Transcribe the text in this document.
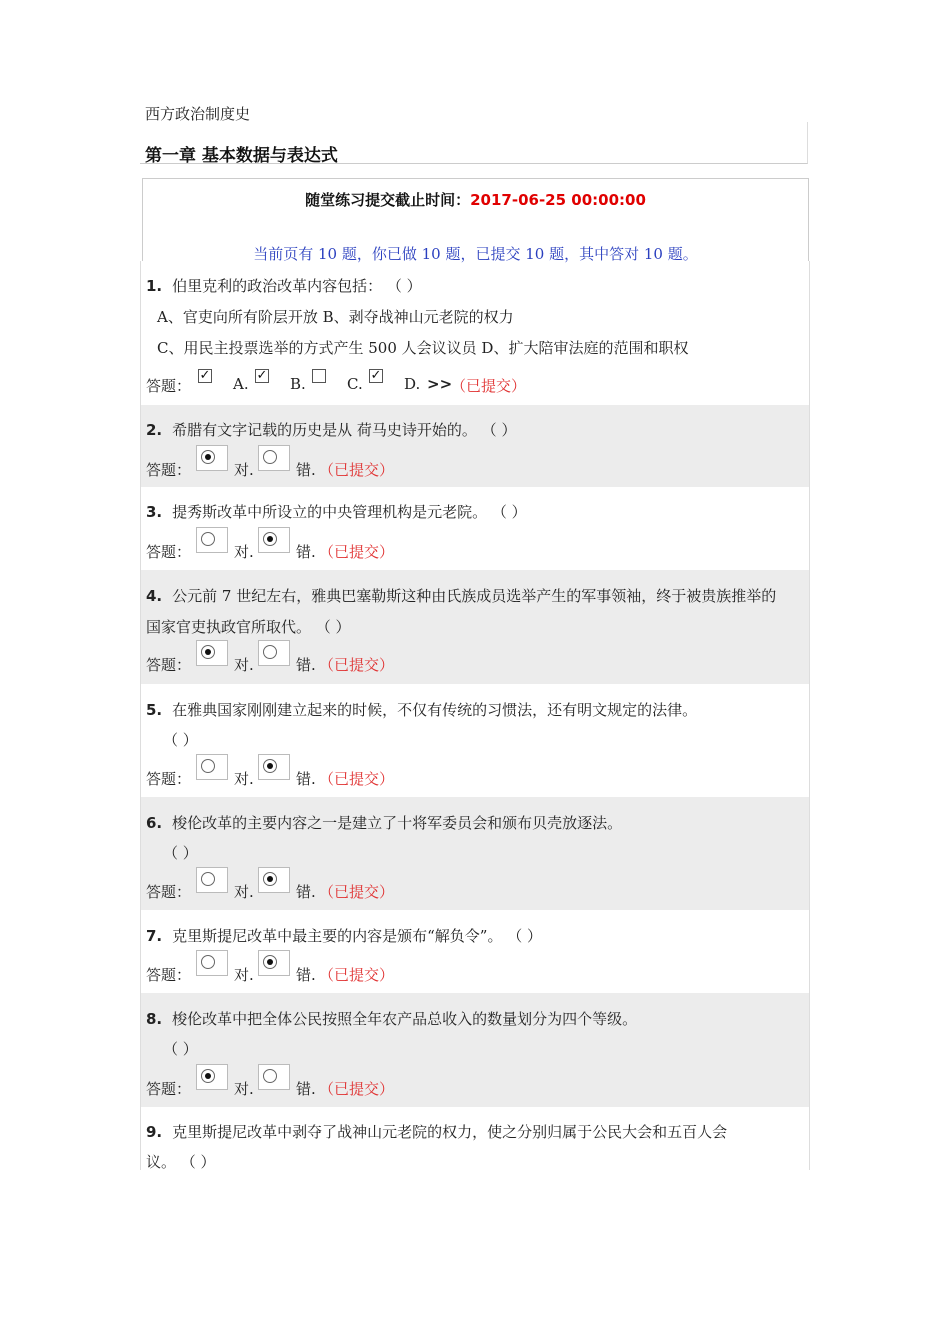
西方政治制度史
第一章 基本数据与表达式
随堂练习提交截止时间：2017-06-25 00:00:00
当前页有 10 题，你已做 10 题，已提交 10 题，其中答对 10 题。
1. 伯里克利的政治改革内容包括： （ ）
A、官吏向所有阶层开放 B、剥夺战神山元老院的权力
C、用民主投票选举的方式产生 500 人会议议员 D、扩大陪审法庭的范围和职权
答题：
✓ A. ✓ B.	C. ✓ D. >>
（已提交）
2. 希腊有文字记载的历史是从 荷马史诗开始的。 （ ）
答题：	对.	错. （已提交）
3. 提秀斯改革中所设立的中央管理机构是元老院。 （ ）
答题：	对.	错. （已提交）
4. 公元前 7 世纪左右，雅典巴塞勒斯这种由氏族成员选举产生的军事领袖，终于被贵族推举的
国家官吏执政官所取代。 （ ）
答题：	对.	错. （已提交）
5. 在雅典国家刚刚建立起来的时候，不仅有传统的习惯法，还有明文规定的法律。
（ ）
答题：	对.	错. （已提交）
6. 梭伦改革的主要内容之一是建立了十将军委员会和颁布贝壳放逐法。
（ ）
答题：	对.	错. （已提交）
7. 克里斯提尼改革中最主要的内容是颁布“解负令”。 （ ）
答题：	对.	错. （已提交）
8. 梭伦改革中把全体公民按照全年农产品总收入的数量划分为四个等级。
（ ）
答题：	对.	错. （已提交）
9. 克里斯提尼改革中剥夺了战神山元老院的权力，使之分别归属于公民大会和五百人会
议。 （ ）
